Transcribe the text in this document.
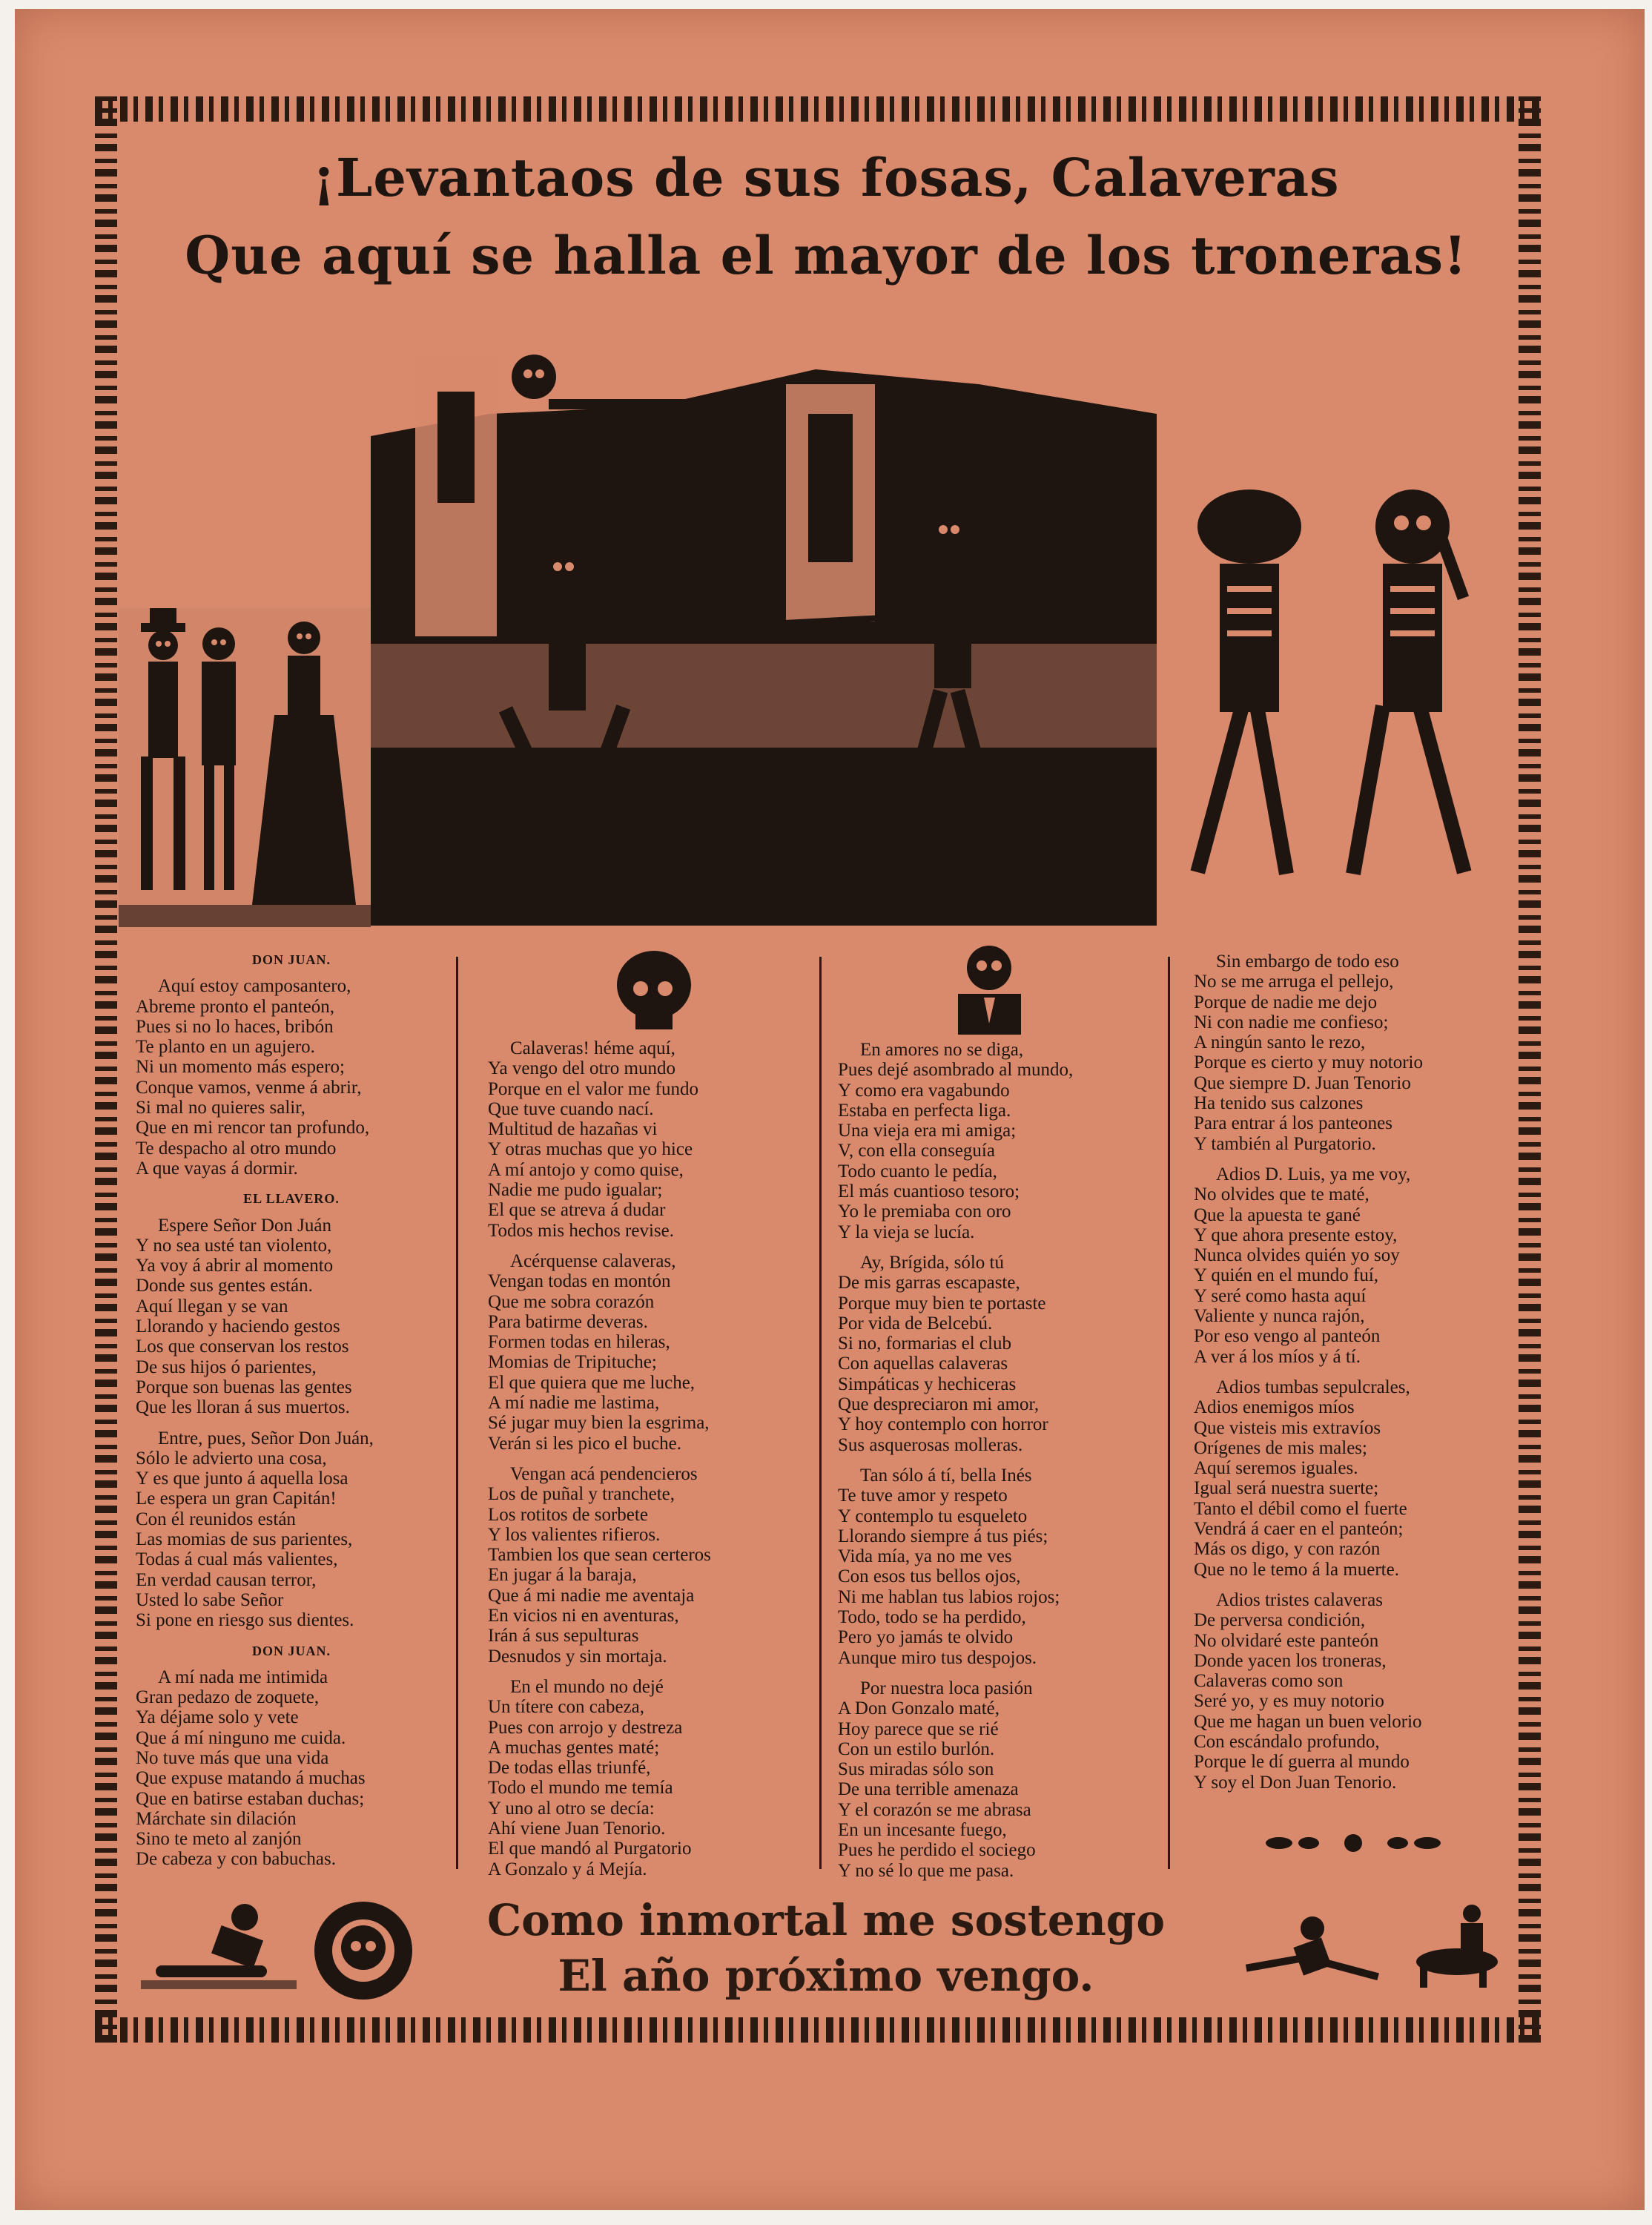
¡Levantaos de sus fosas, Calaveras
Que aquí se halla el mayor de los troneras!
DON JUAN.
Aquí estoy camposantero,
Abreme pronto el panteón,
Pues si no lo haces, bribón
Te planto en un agujero.
Ni un momento más espero;
Conque vamos, venme á abrir,
Si mal no quieres salir,
Que en mi rencor tan profundo,
Te despacho al otro mundo
A que vayas á dormir.
EL LLAVERO.
Espere Señor Don Juán
Y no sea usté tan violento,
Ya voy á abrir al momento
Donde sus gentes están.
Aquí llegan y se van
Llorando y haciendo gestos
Los que conservan los restos
De sus hijos ó parientes,
Porque son buenas las gentes
Que les lloran á sus muertos.
Entre, pues, Señor Don Juán,
Sólo le advierto una cosa,
Y es que junto á aquella losa
Le espera un gran Capitán!
Con él reunidos están
Las momias de sus parientes,
Todas á cual más valientes,
En verdad causan terror,
Usted lo sabe Señor
Si pone en riesgo sus dientes.
DON JUAN.
A mí nada me intimida
Gran pedazo de zoquete,
Ya déjame solo y vete
Que á mí ninguno me cuida.
No tuve más que una vida
Que expuse matando á muchas
Que en batirse estaban duchas;
Márchate sin dilación
Sino te meto al zanjón
De cabeza y con babuchas.
Calaveras! héme aquí,
Ya vengo del otro mundo
Porque en el valor me fundo
Que tuve cuando nací.
Multitud de hazañas vi
Y otras muchas que yo hice
A mí antojo y como quise,
Nadie me pudo igualar;
El que se atreva á dudar
Todos mis hechos revise.
Acérquense calaveras,
Vengan todas en montón
Que me sobra corazón
Para batirme deveras.
Formen todas en hileras,
Momias de Tripituche;
El que quiera que me luche,
A mí nadie me lastima,
Sé jugar muy bien la esgrima,
Verán si les pico el buche.
Vengan acá pendencieros
Los de puñal y tranchete,
Los rotitos de sorbete
Y los valientes rifieros.
Tambien los que sean certeros
En jugar á la baraja,
Que á mi nadie me aventaja
En vicios ni en aventuras,
Irán á sus sepulturas
Desnudos y sin mortaja.
En el mundo no dejé
Un títere con cabeza,
Pues con arrojo y destreza
A muchas gentes maté;
De todas ellas triunfé,
Todo el mundo me temía
Y uno al otro se decía:
Ahí viene Juan Tenorio.
El que mandó al Purgatorio
A Gonzalo y á Mejía.
En amores no se diga,
Pues dejé asombrado al mundo,
Y como era vagabundo
Estaba en perfecta liga.
Una vieja era mi amiga;
V, con ella conseguía
Todo cuanto le pedía,
El más cuantioso tesoro;
Yo le premiaba con oro
Y la vieja se lucía.
Ay, Brígida, sólo tú
De mis garras escapaste,
Porque muy bien te portaste
Por vida de Belcebú.
Si no, formarias el club
Con aquellas calaveras
Simpáticas y hechiceras
Que despreciaron mi amor,
Y hoy contemplo con horror
Sus asquerosas molleras.
Tan sólo á tí, bella Inés
Te tuve amor y respeto
Y contemplo tu esqueleto
Llorando siempre á tus piés;
Vida mía, ya no me ves
Con esos tus bellos ojos,
Ni me hablan tus labios rojos;
Todo, todo se ha perdido,
Pero yo jamás te olvido
Aunque miro tus despojos.
Por nuestra loca pasión
A Don Gonzalo maté,
Hoy parece que se rié
Con un estilo burlón.
Sus miradas sólo son
De una terrible amenaza
Y el corazón se me abrasa
En un incesante fuego,
Pues he perdido el sociego
Y no sé lo que me pasa.
Sin embargo de todo eso
No se me arruga el pellejo,
Porque de nadie me dejo
Ni con nadie me confieso;
A ningún santo le rezo,
Porque es cierto y muy notorio
Que siempre D. Juan Tenorio
Ha tenido sus calzones
Para entrar á los panteones
Y también al Purgatorio.
Adios D. Luis, ya me voy,
No olvides que te maté,
Que la apuesta te gané
Y que ahora presente estoy,
Nunca olvides quién yo soy
Y quién en el mundo fuí,
Y seré como hasta aquí
Valiente y nunca rajón,
Por eso vengo al panteón
A ver á los míos y á tí.
Adios tumbas sepulcrales,
Adios enemigos míos
Que visteis mis extravíos
Orígenes de mis males;
Aquí seremos iguales.
Igual será nuestra suerte;
Tanto el débil como el fuerte
Vendrá á caer en el panteón;
Más os digo, y con razón
Que no le temo á la muerte.
Adios tristes calaveras
De perversa condición,
No olvidaré este panteón
Donde yacen los troneras,
Calaveras como son
Seré yo, y es muy notorio
Que me hagan un buen velorio
Con escándalo profundo,
Porque le dí guerra al mundo
Y soy el Don Juan Tenorio.
Como inmortal me sostengo
El año próximo vengo.
